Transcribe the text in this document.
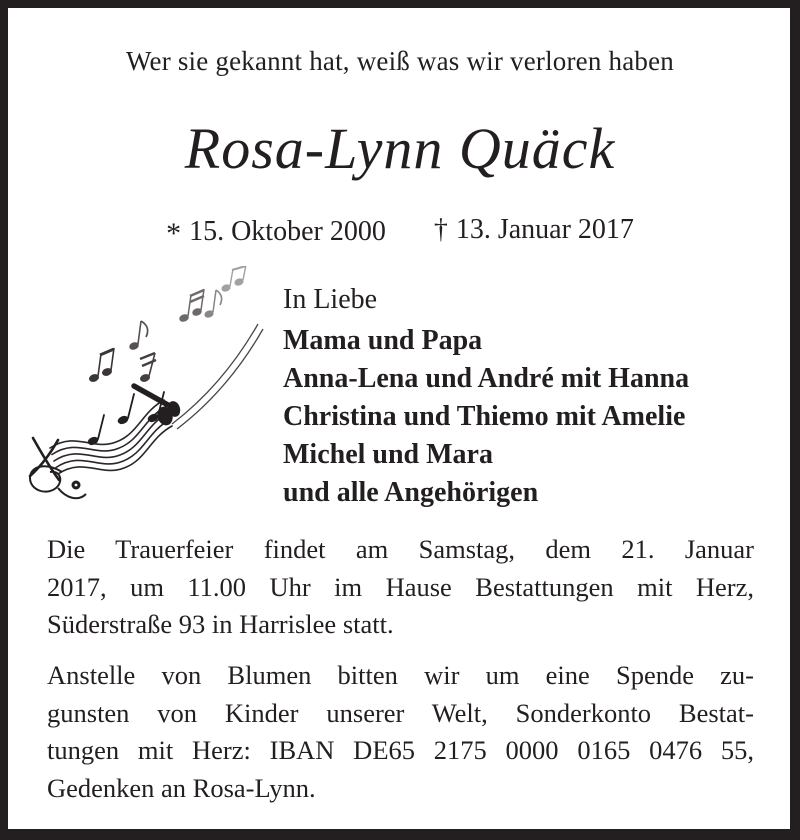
Wer sie gekannt hat, weiß was wir verloren haben
Rosa-Lynn Quäck
* 15. Oktober 2000 † 13. Januar 2017
In Liebe
Mama und Papa
Anna-Lena und André mit Hanna
Christina und Thiemo mit Amelie
Michel und Mara
und alle Angehörigen
Die Trauerfeier findet am Samstag, dem 21. Januar
2017, um 11.00 Uhr im Hause Bestattungen mit Herz,
Süderstraße 93 in Harrislee statt.
Anstelle von Blumen bitten wir um eine Spende zu-
gunsten von Kinder unserer Welt, Sonderkonto Bestat-
tungen mit Herz: IBAN DE65 2175 0000 0165 0476 55,
Gedenken an Rosa-Lynn.
